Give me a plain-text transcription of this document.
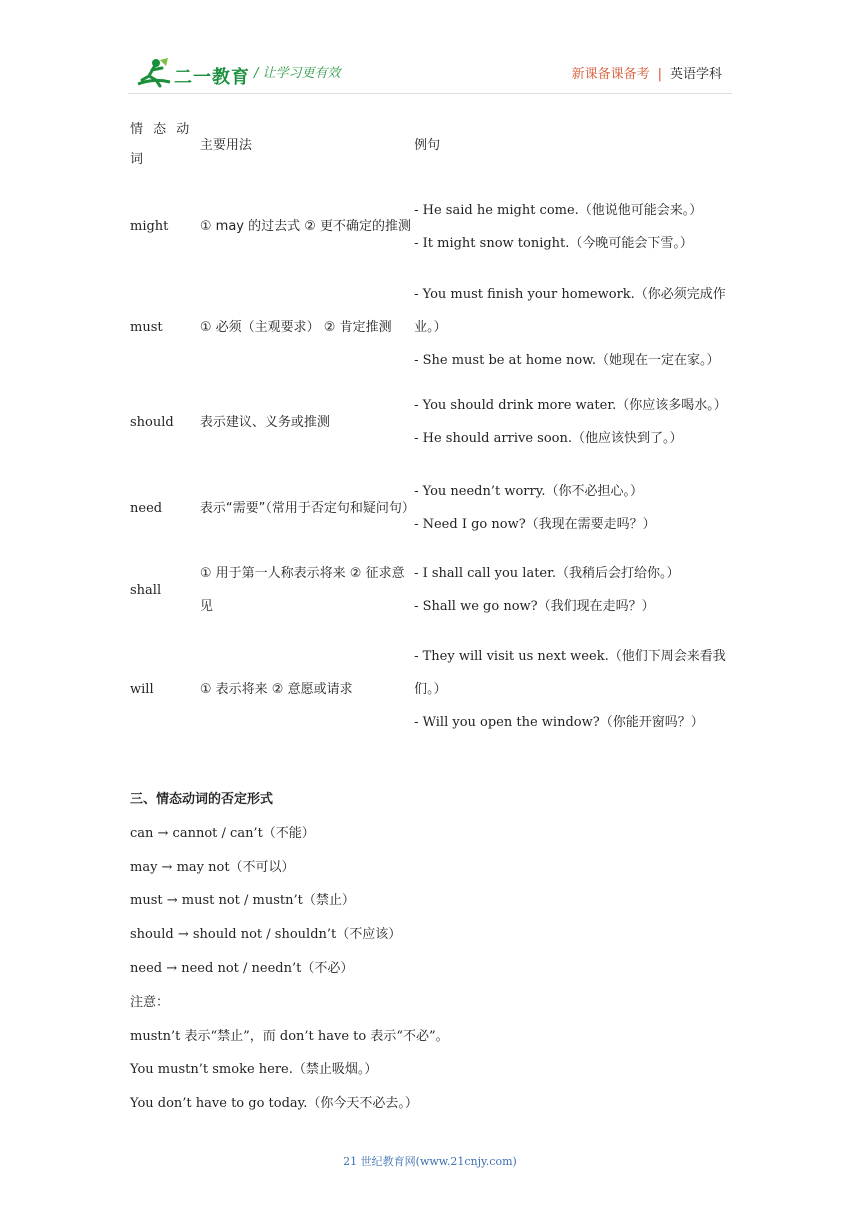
二一教育 / 让学习更有效	新课备课备考 | 英语学科
情 态 动 词	主要用法	例句
might	① may 的过去式 ② 更不确定的推测	- He said he might come.（他说他可能会来。）
- It might snow tonight.（今晚可能会下雪。）

must	① 必须（主观要求） ② 肯定推测	- You must finish your homework.（你必须完成作业。）
- She must be at home now.（她现在一定在家。）

should	表示建议、义务或推测	- You should drink more water.（你应该多喝水。）
- He should arrive soon.（他应该快到了。）

need	表示“需要”（常用于否定句和疑问句）	- You needn’t worry.（你不必担心。）
- Need I go now?（我现在需要走吗？）

shall	① 用于第一人称表示将来 ② 征求意见	- I shall call you later.（我稍后会打给你。）
- Shall we go now?（我们现在走吗？）

will	① 表示将来 ② 意愿或请求	- They will visit us next week.（他们下周会来看我们。）
- Will you open the window?（你能开窗吗？）
三、情态动词的否定形式
can → cannot / can’t（不能）
may → may not（不可以）
must → must not / mustn’t（禁止）
should → should not / shouldn’t（不应该）
need → need not / needn’t（不必）
注意：
mustn’t 表示“禁止”，而 don’t have to 表示“不必”。
You mustn’t smoke here.（禁止吸烟。）
You don’t have to go today.（你今天不必去。）
21 世纪教育网(www.21cnjy.com)
